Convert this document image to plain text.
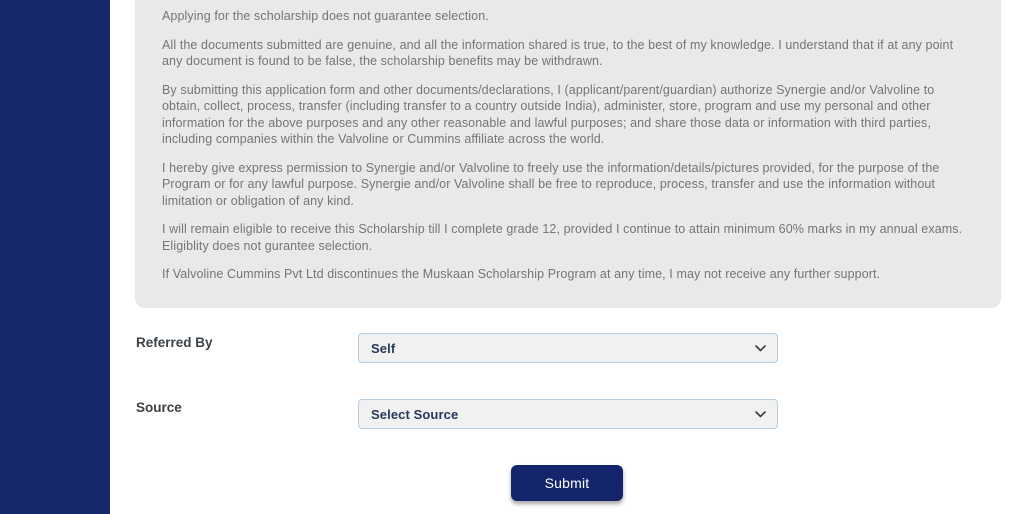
Applying for the scholarship does not guarantee selection.

All the documents submitted are genuine, and all the information shared is true, to the best of my knowledge. I understand that if at any point any document is found to be false, the scholarship benefits may be withdrawn.

By submitting this application form and other documents/declarations, I (applicant/parent/guardian) authorize Synergie and/or Valvoline to obtain, collect, process, transfer (including transfer to a country outside India), administer, store, program and use my personal and other information for the above purposes and any other reasonable and lawful purposes; and share those data or information with third parties, including companies within the Valvoline or Cummins affiliate across the world.

I hereby give express permission to Synergie and/or Valvoline to freely use the information/details/pictures provided, for the purpose of the Program or for any lawful purpose. Synergie and/or Valvoline shall be free to reproduce, process, transfer and use the information without limitation or obligation of any kind.

I will remain eligible to receive this Scholarship till I complete grade 12, provided I continue to attain minimum 60% marks in my annual exams. Eligiblity does not gurantee selection.

If Valvoline Cummins Pvt Ltd discontinues the Muskaan Scholarship Program at any time, I may not receive any further support.

Referred By	Self
Source	Select Source
Submit
